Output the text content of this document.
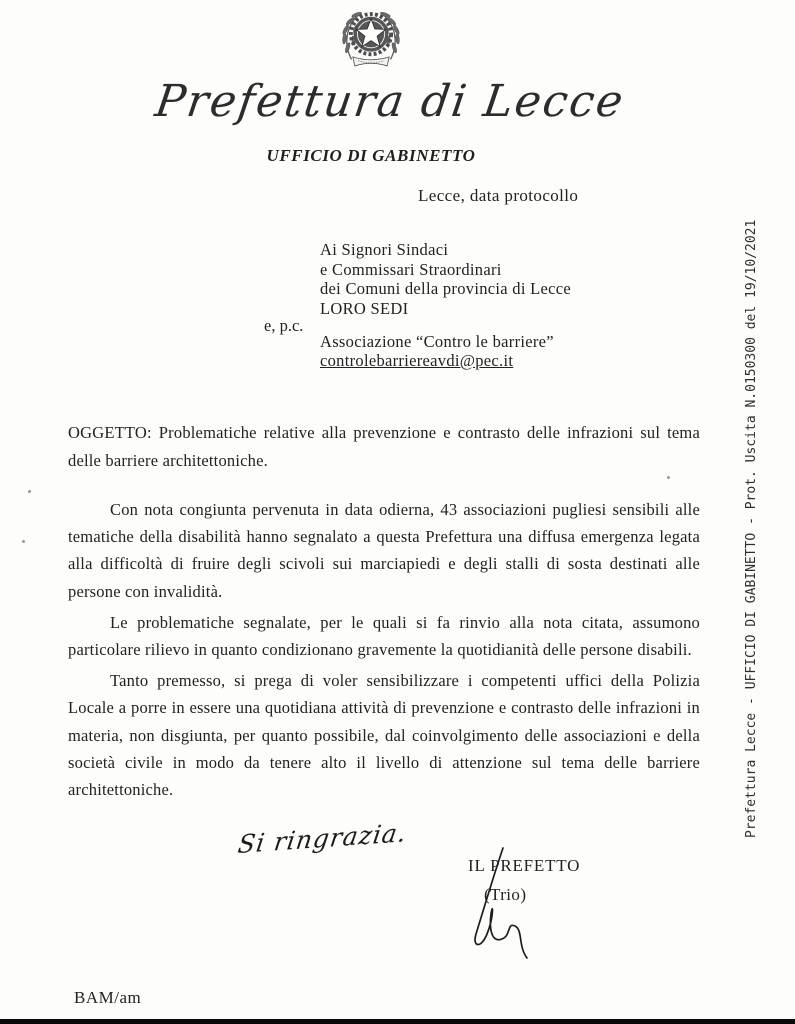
Prefettura di Lecce
UFFICIO DI GABINETTO
Lecce, data protocollo
Ai Signori Sindaci
e Commissari Straordinari
dei Comuni della provincia di Lecce
LORO SEDI
e, p.c.
Associazione “Contro le barriere”
controlebarriereavdi@pec.it
OGGETTO: Problematiche relative alla prevenzione e contrasto delle infrazioni sul tema delle barriere architettoniche.

Con nota congiunta pervenuta in data odierna, 43 associazioni pugliesi sensibili alle tematiche della disabilità hanno segnalato a questa Prefettura una diffusa emergenza legata alla difficoltà di fruire degli scivoli sui marciapiedi e degli stalli di sosta destinati alle persone con invalidità.

Le problematiche segnalate, per le quali si fa rinvio alla nota citata, assumono particolare rilievo in quanto condizionano gravemente la quotidianità delle persone disabili.

Tanto premesso, si prega di voler sensibilizzare i competenti uffici della Polizia Locale a porre in essere una quotidiana attività di prevenzione e contrasto delle infrazioni in materia, non disgiunta, per quanto possibile, dal coinvolgimento delle associazioni e della società civile in modo da tenere alto il livello di attenzione sul tema delle barriere architettoniche.

Si ringrazia.
IL PREFETTO
(Trio)
BAM/am
Prefettura Lecce - UFFICIO DI GABINETTO - Prot. Uscita N.0150300 del 19/10/2021
